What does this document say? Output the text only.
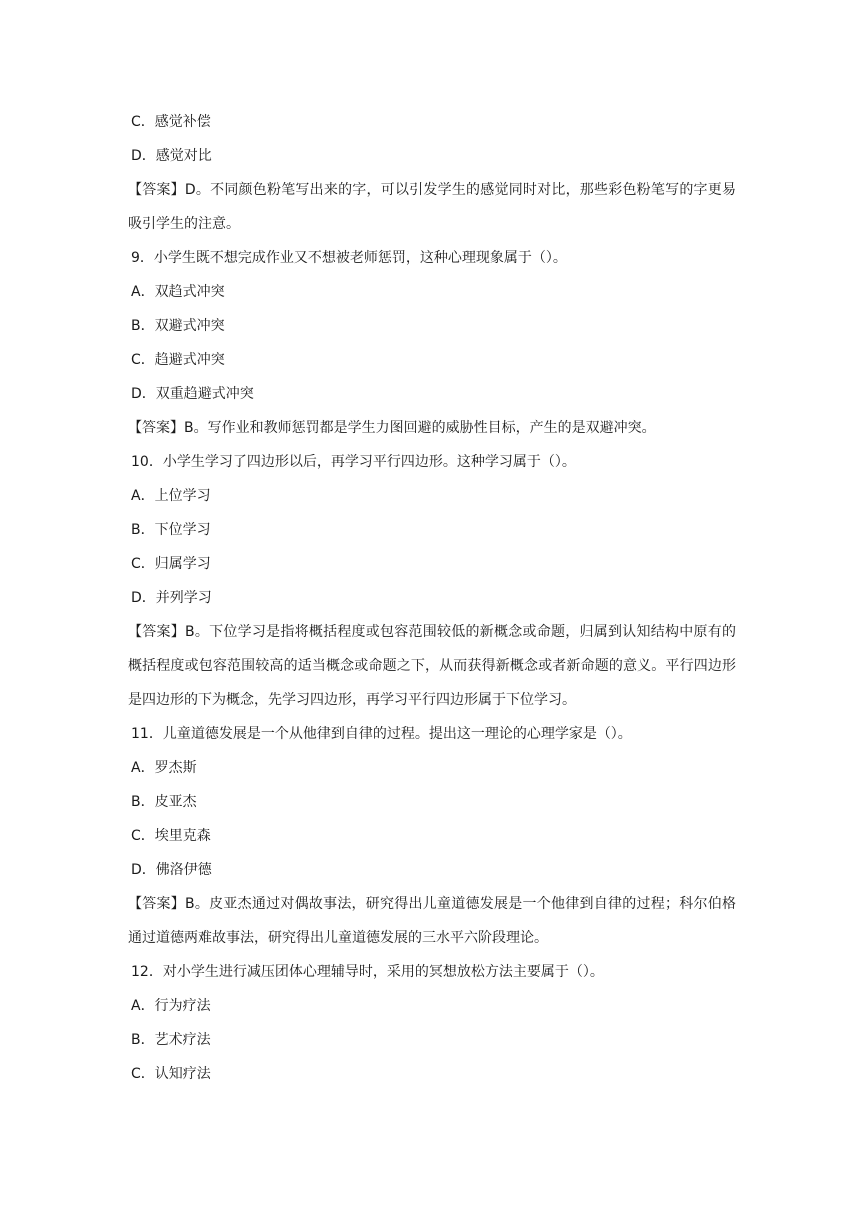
C．感觉补偿
D．感觉对比
【答案】D。不同颜色粉笔写出来的字，可以引发学生的感觉同时对比，那些彩色粉笔写的字更易吸引学生的注意。
9．小学生既不想完成作业又不想被老师惩罚，这种心理现象属于（）。
A．双趋式冲突
B．双避式冲突
C．趋避式冲突
D．双重趋避式冲突
【答案】B。写作业和教师惩罚都是学生力图回避的威胁性目标，产生的是双避冲突。
10．小学生学习了四边形以后，再学习平行四边形。这种学习属于（）。
A．上位学习
B．下位学习
C．归属学习
D．并列学习
【答案】B。下位学习是指将概括程度或包容范围较低的新概念或命题，归属到认知结构中原有的概括程度或包容范围较高的适当概念或命题之下，从而获得新概念或者新命题的意义。平行四边形是四边形的下为概念，先学习四边形，再学习平行四边形属于下位学习。
11．儿童道德发展是一个从他律到自律的过程。提出这一理论的心理学家是（）。
A．罗杰斯
B．皮亚杰
C．埃里克森
D．佛洛伊德
【答案】B。皮亚杰通过对偶故事法，研究得出儿童道德发展是一个他律到自律的过程；科尔伯格通过道德两难故事法，研究得出儿童道德发展的三水平六阶段理论。
12．对小学生进行减压团体心理辅导时，采用的冥想放松方法主要属于（）。
A．行为疗法
B．艺术疗法
C．认知疗法
